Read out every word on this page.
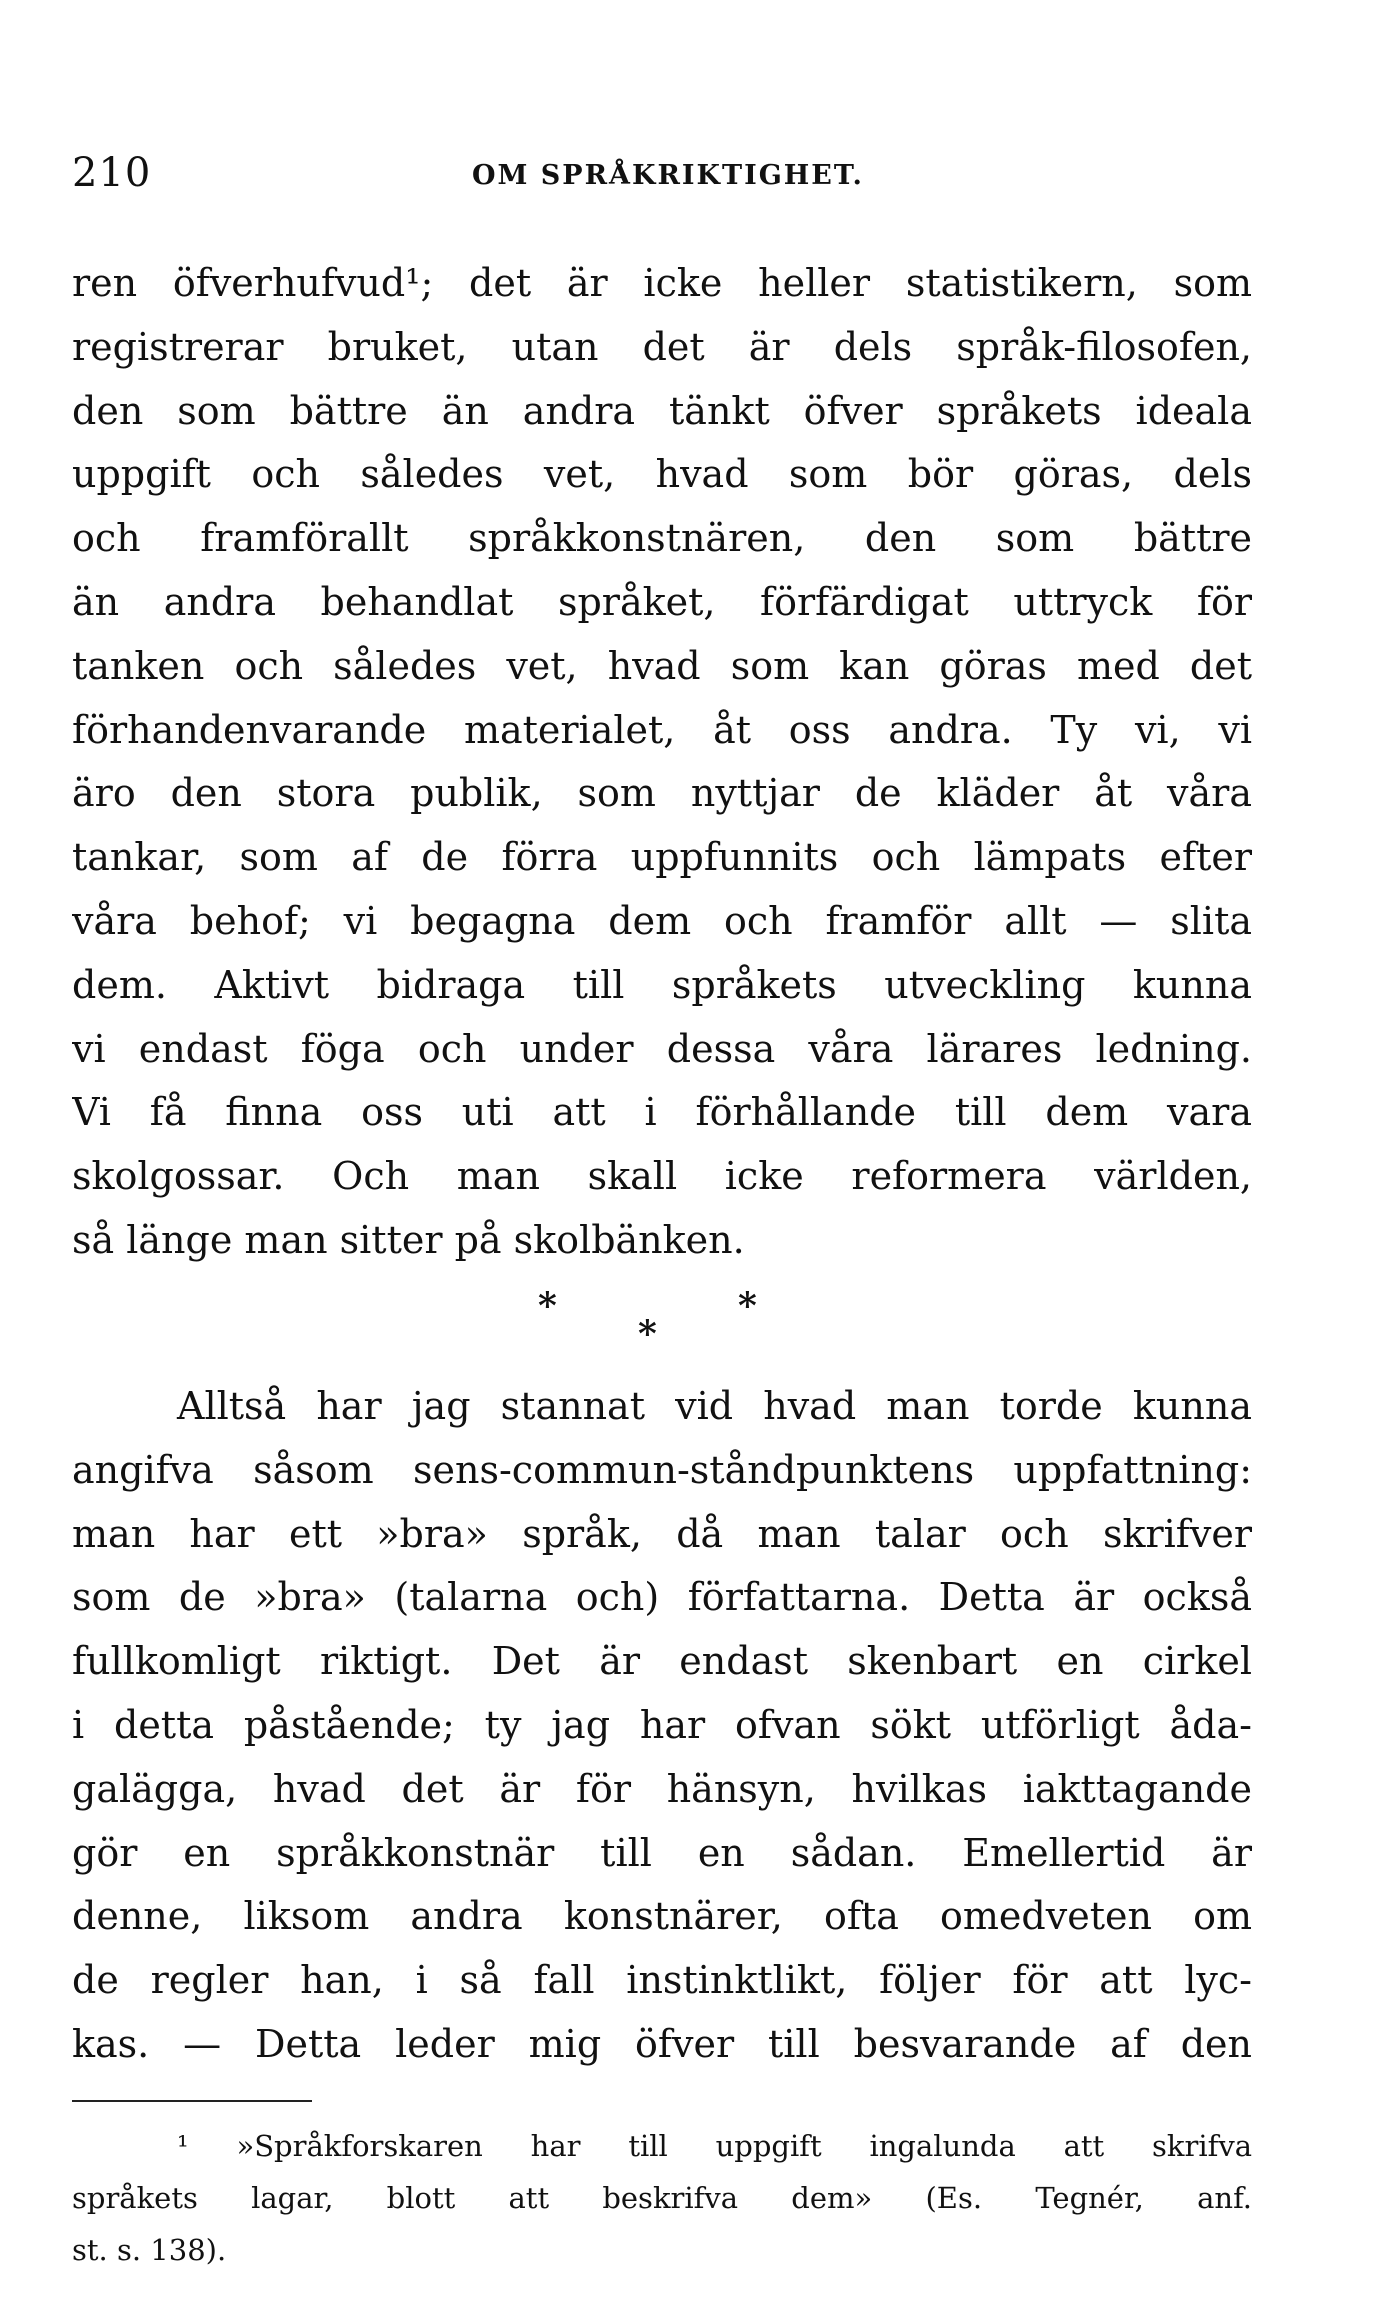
210	OM SPRÅKRIKTIGHET.
ren öfverhufvud¹; det är icke heller statistikern, som
registrerar bruket, utan det är dels språk-filosofen,
den som bättre än andra tänkt öfver språkets ideala
uppgift och således vet, hvad som bör göras, dels
och framförallt språkkonstnären, den som bättre
än andra behandlat språket, förfärdigat uttryck för
tanken och således vet, hvad som kan göras med det
förhandenvarande materialet, åt oss andra. Ty vi, vi
äro den stora publik, som nyttjar de kläder åt våra
tankar, som af de förra uppfunnits och lämpats efter
våra behof; vi begagna dem och framför allt — slita
dem. Aktivt bidraga till språkets utveckling kunna
vi endast föga och under dessa våra lärares ledning.
Vi få finna oss uti att i förhållande till dem vara
skolgossar. Och man skall icke reformera världen,
så länge man sitter på skolbänken.
*
*
*
Alltså har jag stannat vid hvad man torde kunna
angifva såsom sens-commun-ståndpunktens uppfattning:
man har ett »bra» språk, då man talar och skrifver
som de »bra» (talarna och) författarna. Detta är också
fullkomligt riktigt. Det är endast skenbart en cirkel
i detta påstående; ty jag har ofvan sökt utförligt åda-
galägga, hvad det är för hänsyn, hvilkas iakttagande
gör en språkkonstnär till en sådan. Emellertid är
denne, liksom andra konstnärer, ofta omedveten om
de regler han, i så fall instinktlikt, följer för att lyc-
kas. — Detta leder mig öfver till besvarande af den
¹ »Språkforskaren har till uppgift ingalunda att skrifva
språkets lagar, blott att beskrifva dem» (Es. Tegnér, anf.
st. s. 138).
